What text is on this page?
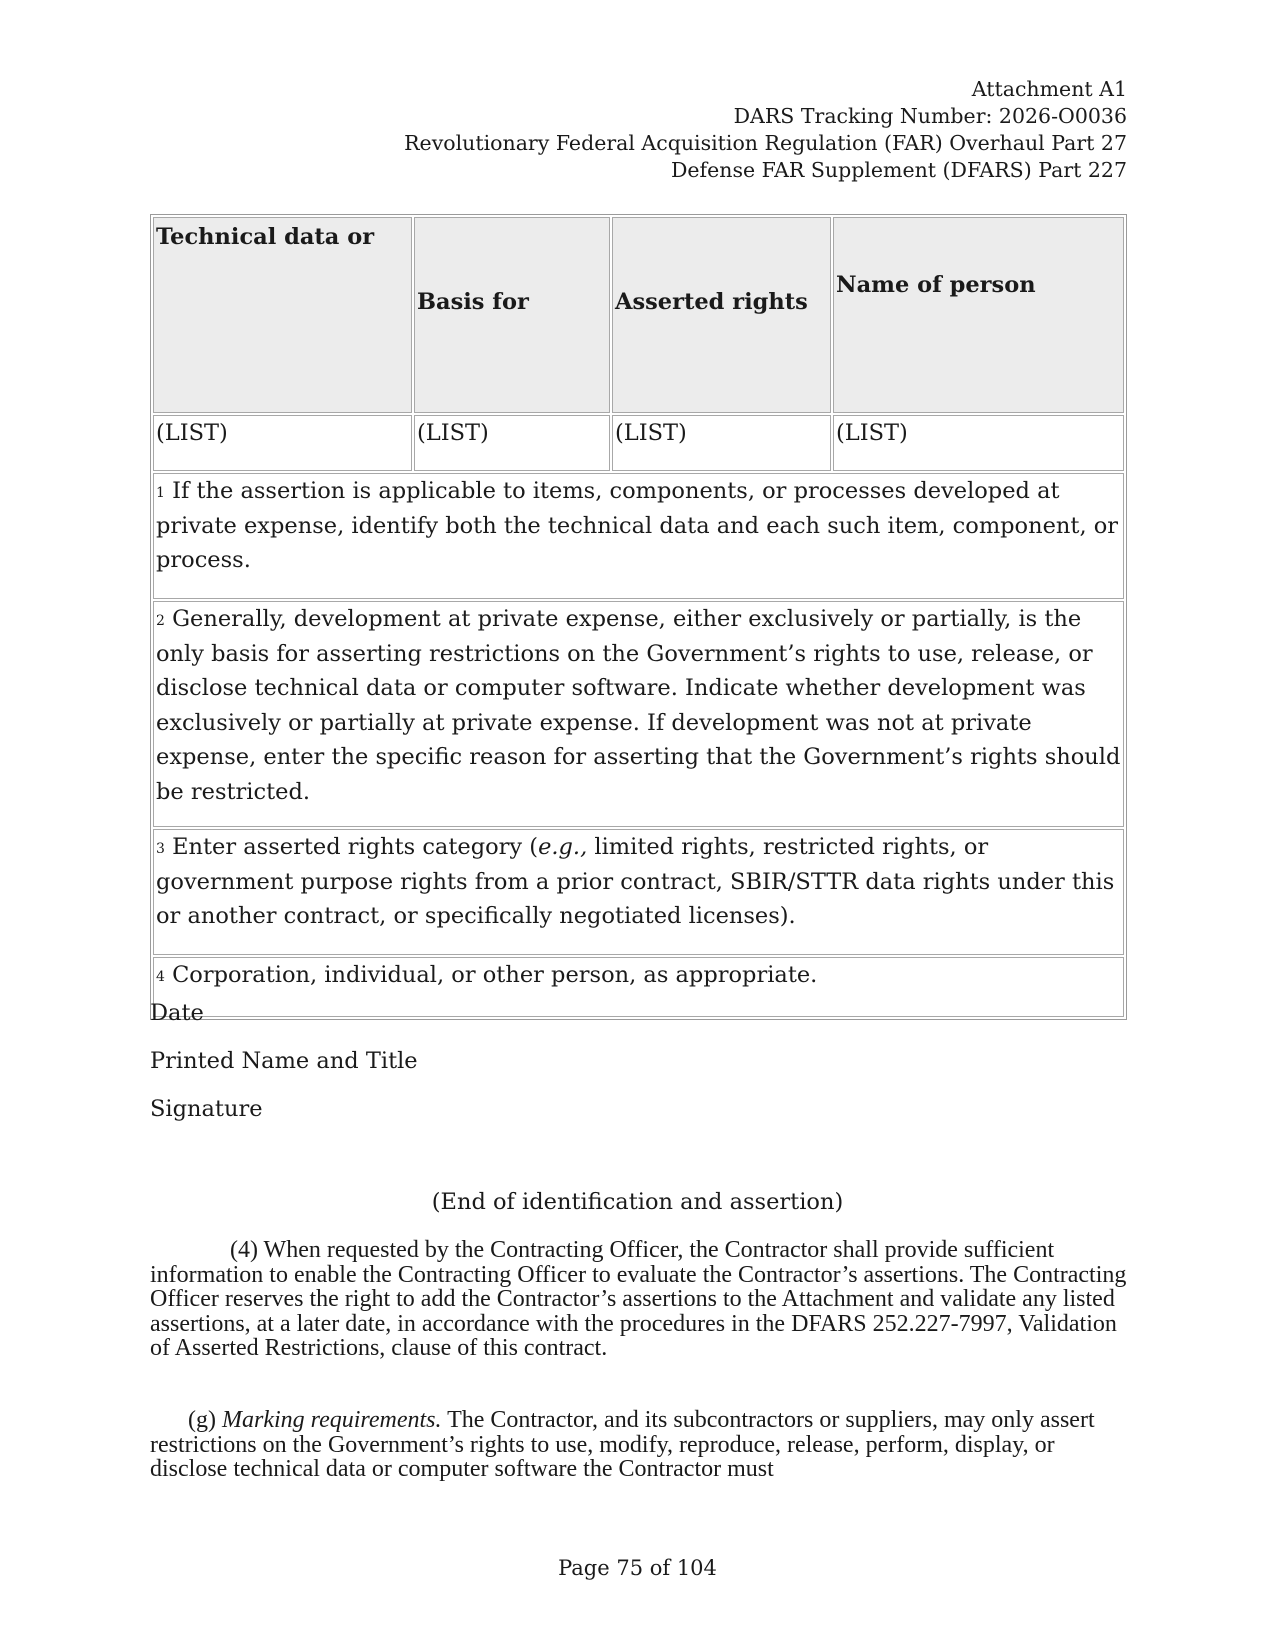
Attachment A1
DARS Tracking Number: 2026-O0036
Revolutionary Federal Acquisition Regulation (FAR) Overhaul Part 27
Defense FAR Supplement (DFARS) Part 227
Technical data or	Basis for	Asserted rights	Name of person
(LIST)	(LIST)	(LIST)	(LIST)
$^1$ If the assertion is applicable to items, components, or processes developed at private expense, identify both the technical data and each such item, component, or process.			
$^2$ Generally, development at private expense, either exclusively or partially, is the only basis for asserting restrictions on the Government’s rights to use, release, or disclose technical data or computer software. Indicate whether development was exclusively or partially at private expense. If development was not at private expense, enter the specific reason for asserting that the Government’s rights should be restricted.			
$^3$ Enter asserted rights category (e.g., limited rights, restricted rights, or government purpose rights from a prior contract, SBIR/STTR data rights under this or another contract, or specifically negotiated licenses).			
$^4$ Corporation, individual, or other person, as appropriate.			
Date
Printed Name and Title
Signature
(End of identification and assertion)
(4) When requested by the Contracting Officer, the Contractor shall provide sufficient information to enable the Contracting Officer to evaluate the Contractor’s assertions. The Contracting Officer reserves the right to add the Contractor’s assertions to the Attachment and validate any listed assertions, at a later date, in accordance with the procedures in the DFARS 252.227-7997, Validation of Asserted Restrictions, clause of this contract.
(g) Marking requirements. The Contractor, and its subcontractors or suppliers, may only assert restrictions on the Government’s rights to use, modify, reproduce, release, perform, display, or disclose technical data or computer software the Contractor must
Page 75 of 104
